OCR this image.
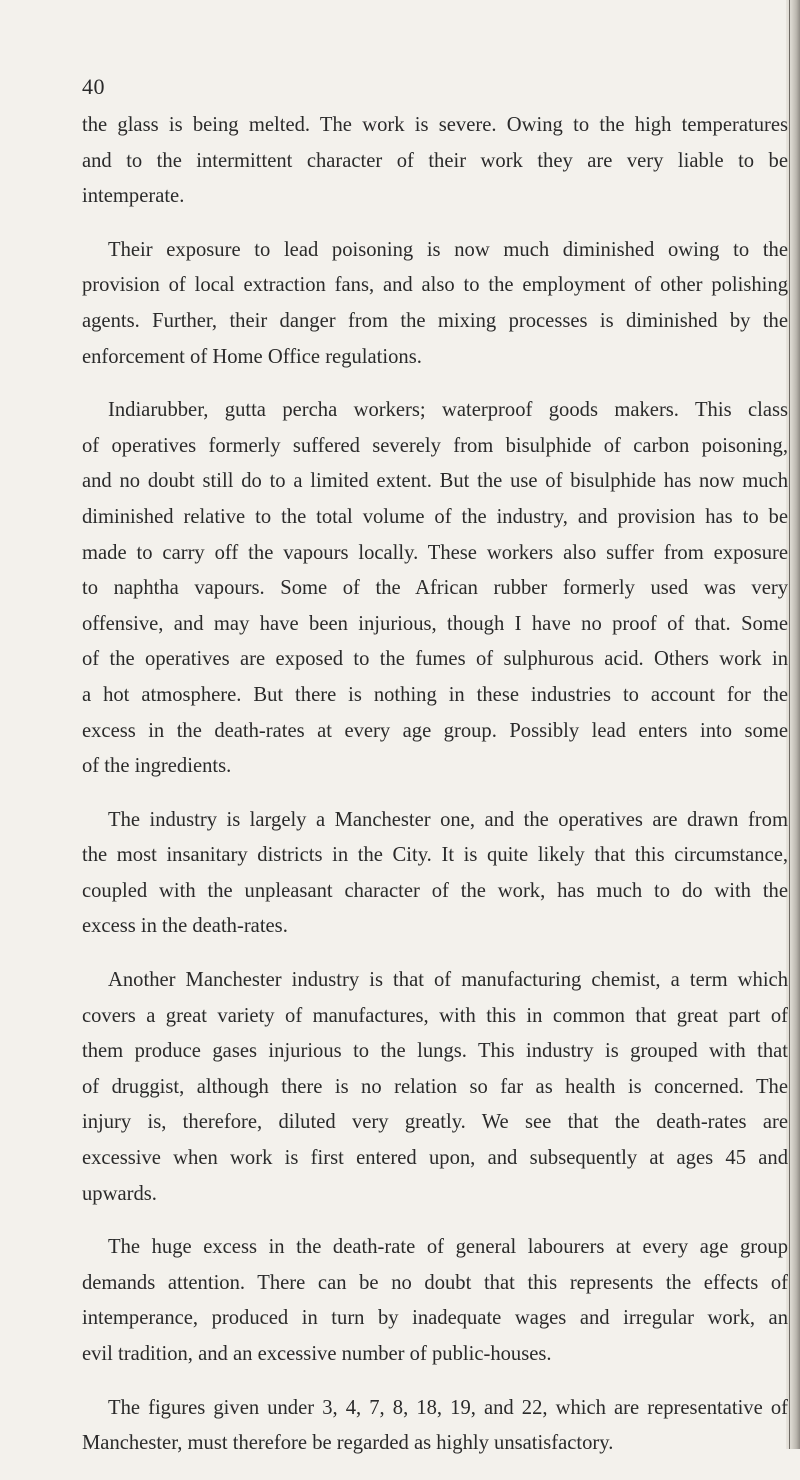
40
the glass is being melted. The work is severe. Owing to the high temperatures
and to the intermittent character of their work they are very liable to be
intemperate.
Their exposure to lead poisoning is now much diminished owing to the
provision of local extraction fans, and also to the employment of other polishing
agents. Further, their danger from the mixing processes is diminished by the
enforcement of Home Office regulations.
Indiarubber, gutta percha workers; waterproof goods makers. This class
of operatives formerly suffered severely from bisulphide of carbon poisoning,
and no doubt still do to a limited extent. But the use of bisulphide has now much
diminished relative to the total volume of the industry, and provision has to be
made to carry off the vapours locally. These workers also suffer from exposure
to naphtha vapours. Some of the African rubber formerly used was very
offensive, and may have been injurious, though I have no proof of that. Some
of the operatives are exposed to the fumes of sulphurous acid. Others work in
a hot atmosphere. But there is nothing in these industries to account for the
excess in the death-rates at every age group. Possibly lead enters into some
of the ingredients.
The industry is largely a Manchester one, and the operatives are drawn from
the most insanitary districts in the City. It is quite likely that this circumstance,
coupled with the unpleasant character of the work, has much to do with the
excess in the death-rates.
Another Manchester industry is that of manufacturing chemist, a term which
covers a great variety of manufactures, with this in common that great part of
them produce gases injurious to the lungs. This industry is grouped with that
of druggist, although there is no relation so far as health is concerned. The
injury is, therefore, diluted very greatly. We see that the death-rates are
excessive when work is first entered upon, and subsequently at ages 45 and
upwards.
The huge excess in the death-rate of general labourers at every age group
demands attention. There can be no doubt that this represents the effects of
intemperance, produced in turn by inadequate wages and irregular work, an
evil tradition, and an excessive number of public-houses.
The figures given under 3, 4, 7, 8, 18, 19, and 22, which are representative of
Manchester, must therefore be regarded as highly unsatisfactory.
